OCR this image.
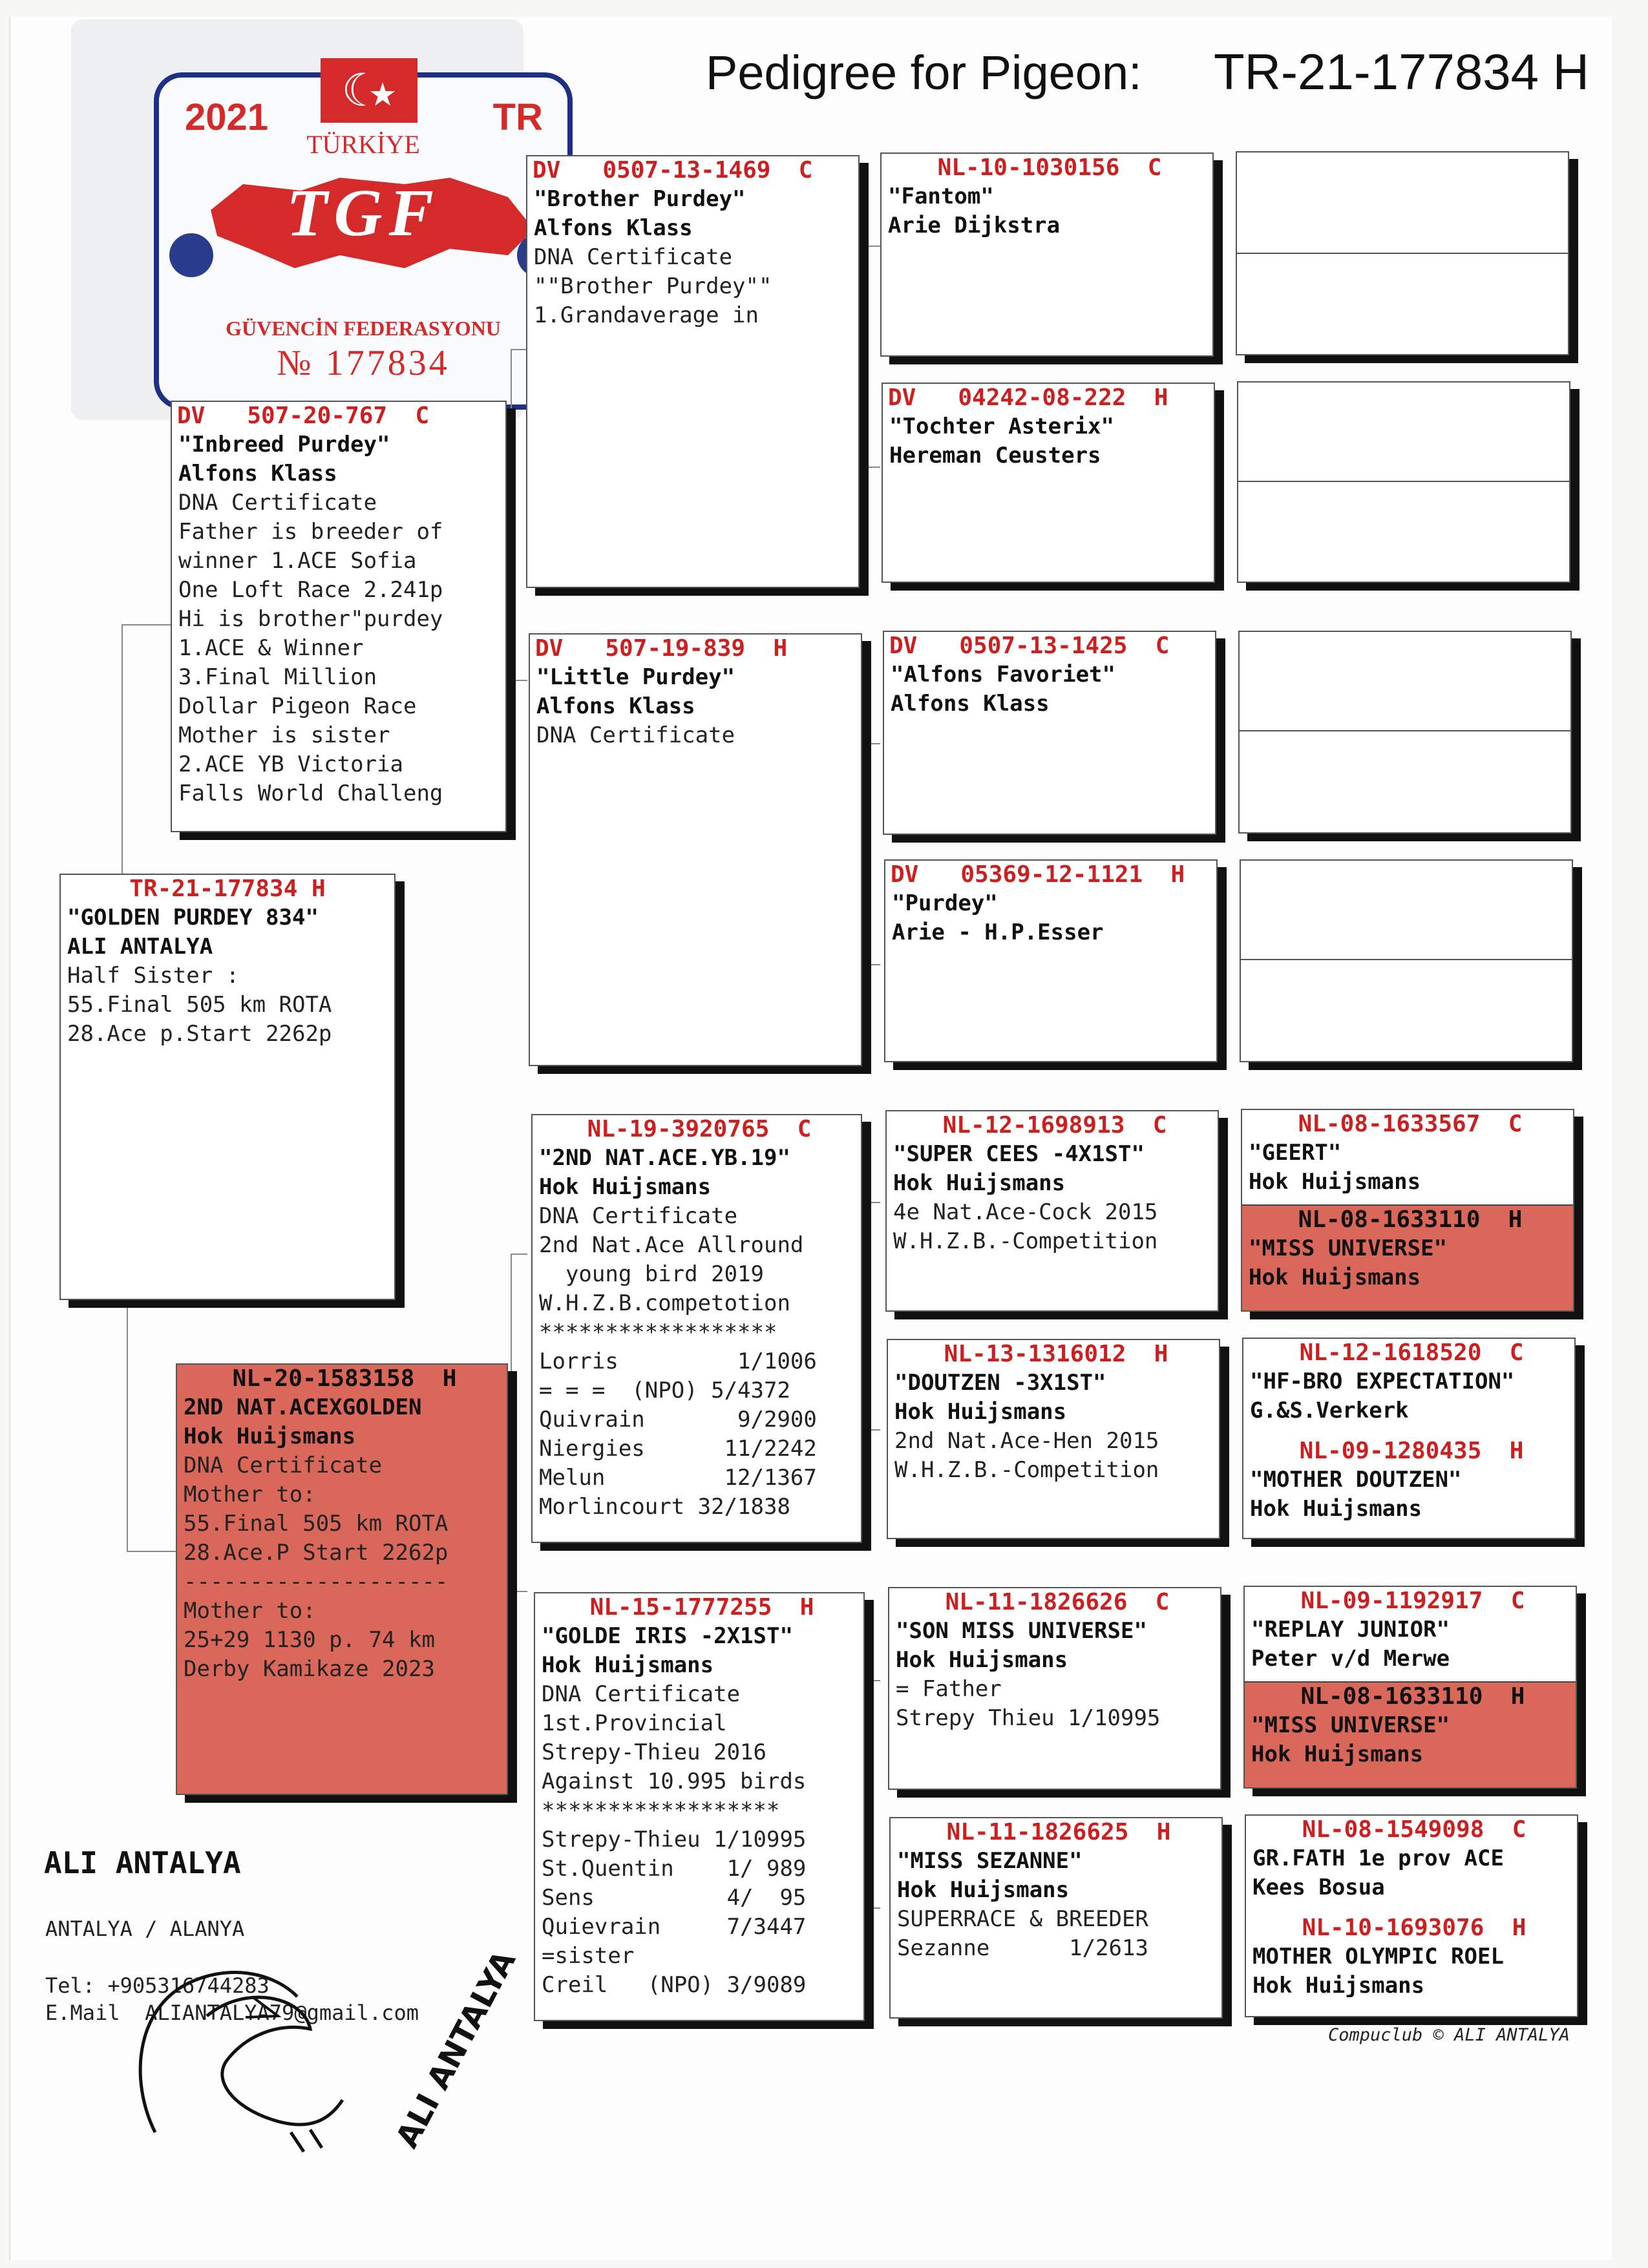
2021
☾★
TR
TÜRKİYE
TGF
GÜVENCİN FEDERASYONU
№ 177834
Pedigree for Pigeon: TR-21-177834 H
TR-21-177834 H
"GOLDEN PURDEY 834"
ALI ANTALYA
Half Sister :
55.Final 505 km ROTA
28.Ace p.Start 2262p
DV   507-20-767  C
"Inbreed Purdey"
Alfons Klass
DNA Certificate
Father is breeder of
winner 1.ACE Sofia
One Loft Race 2.241p
Hi is brother"purdey
1.ACE & Winner
3.Final Million
Dollar Pigeon Race
Mother is sister
2.ACE YB Victoria
Falls World Challeng
NL-20-1583158  H
2ND NAT.ACEXGOLDEN
Hok Huijsmans
DNA Certificate
Mother to:
55.Final 505 km ROTA
28.Ace.P Start 2262p
--------------------
Mother to:
25+29 1130 p. 74 km
Derby Kamikaze 2023
DV   0507-13-1469  C
"Brother Purdey"
Alfons Klass
DNA Certificate
""Brother Purdey""
1.Grandaverage in
DV   507-19-839  H
"Little Purdey"
Alfons Klass
DNA Certificate
NL-19-3920765  C
"2ND NAT.ACE.YB.19"
Hok Huijsmans
DNA Certificate
2nd Nat.Ace Allround
young bird 2019
W.H.Z.B.competotion
******************
Lorris         1/1006
= = =  (NPO) 5/4372
Quivrain       9/2900
Niergies      11/2242
Melun         12/1367
Morlincourt 32/1838
NL-15-1777255  H
"GOLDE IRIS -2X1ST"
Hok Huijsmans
DNA Certificate
1st.Provincial
Strepy-Thieu 2016
Against 10.995 birds
******************
Strepy-Thieu 1/10995
St.Quentin    1/ 989
Sens          4/  95
Quievrain     7/3447
=sister
Creil   (NPO) 3/9089
NL-10-1030156  C
"Fantom"
Arie Dijkstra
DV   04242-08-222  H
"Tochter Asterix"
Hereman Ceusters
DV   0507-13-1425  C
"Alfons Favoriet"
Alfons Klass
DV   05369-12-1121  H
"Purdey"
Arie - H.P.Esser
NL-12-1698913  C
"SUPER CEES -4X1ST"
Hok Huijsmans
4e Nat.Ace-Cock 2015
W.H.Z.B.-Competition
NL-13-1316012  H
"DOUTZEN -3X1ST"
Hok Huijsmans
2nd Nat.Ace-Hen 2015
W.H.Z.B.-Competition
NL-11-1826626  C
"SON MISS UNIVERSE"
Hok Huijsmans
= Father
Strepy Thieu 1/10995
NL-11-1826625  H
"MISS SEZANNE"
Hok Huijsmans
SUPERRACE & BREEDER
Sezanne      1/2613
NL-08-1633567  C
"GEERT"
Hok Huijsmans
NL-08-1633110  H
"MISS UNIVERSE"
Hok Huijsmans
NL-12-1618520  C
"HF-BRO EXPECTATION"
G.&S.Verkerk
NL-09-1280435  H
"MOTHER DOUTZEN"
Hok Huijsmans
NL-09-1192917  C
"REPLAY JUNIOR"
Peter v/d Merwe
NL-08-1633110  H
"MISS UNIVERSE"
Hok Huijsmans
NL-08-1549098  C
GR.FATH 1e prov ACE
Kees Bosua
NL-10-1693076  H
MOTHER OLYMPIC ROEL
Hok Huijsmans
ALI ANTALYA
ANTALYA / ALANYA
Tel: +905316744283
E.Mail  ALIANTALYA79@gmail.com
ALI ANTALYA	Compuclub © ALI ANTALYA
